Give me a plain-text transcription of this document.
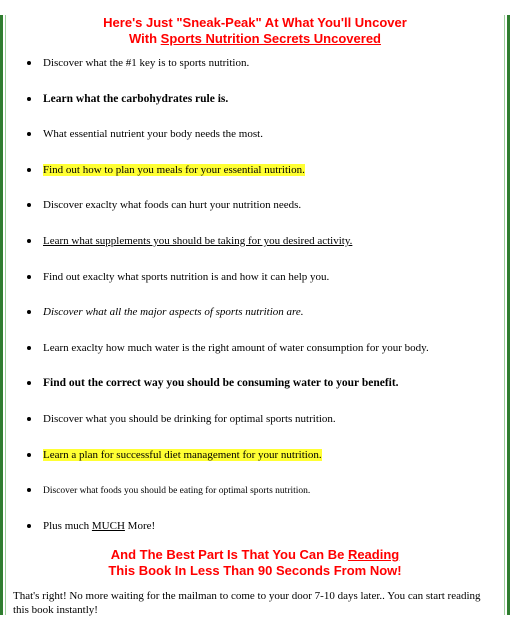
Here's Just "Sneak-Peak" At What You'll Uncover
With Sports Nutrition Secrets Uncovered
Discover what the #1 key is to sports nutrition.
Learn what the carbohydrates rule is.
What essential nutrient your body needs the most.
Find out how to plan you meals for your essential nutrition.
Discover exaclty what foods can hurt your nutrition needs.
Learn what supplements you should be taking for you desired activity.
Find out exaclty what sports nutrition is and how it can help you.
Discover what all the major aspects of sports nutrition are.
Learn exaclty how much water is the right amount of water consumption for your body.
Find out the correct way you should be consuming water to your benefit.
Discover what you should be drinking for optimal sports nutrition.
Learn a plan for successful diet management for your nutrition.
Discover what foods you should be eating for optimal sports nutrition.
Plus much MUCH More!
And The Best Part Is That You Can Be Reading
This Book In Less Than 90 Seconds From Now!

That's right! No more waiting for the mailman to come to your door 7-10 days later.. You can start reading this book instantly!
